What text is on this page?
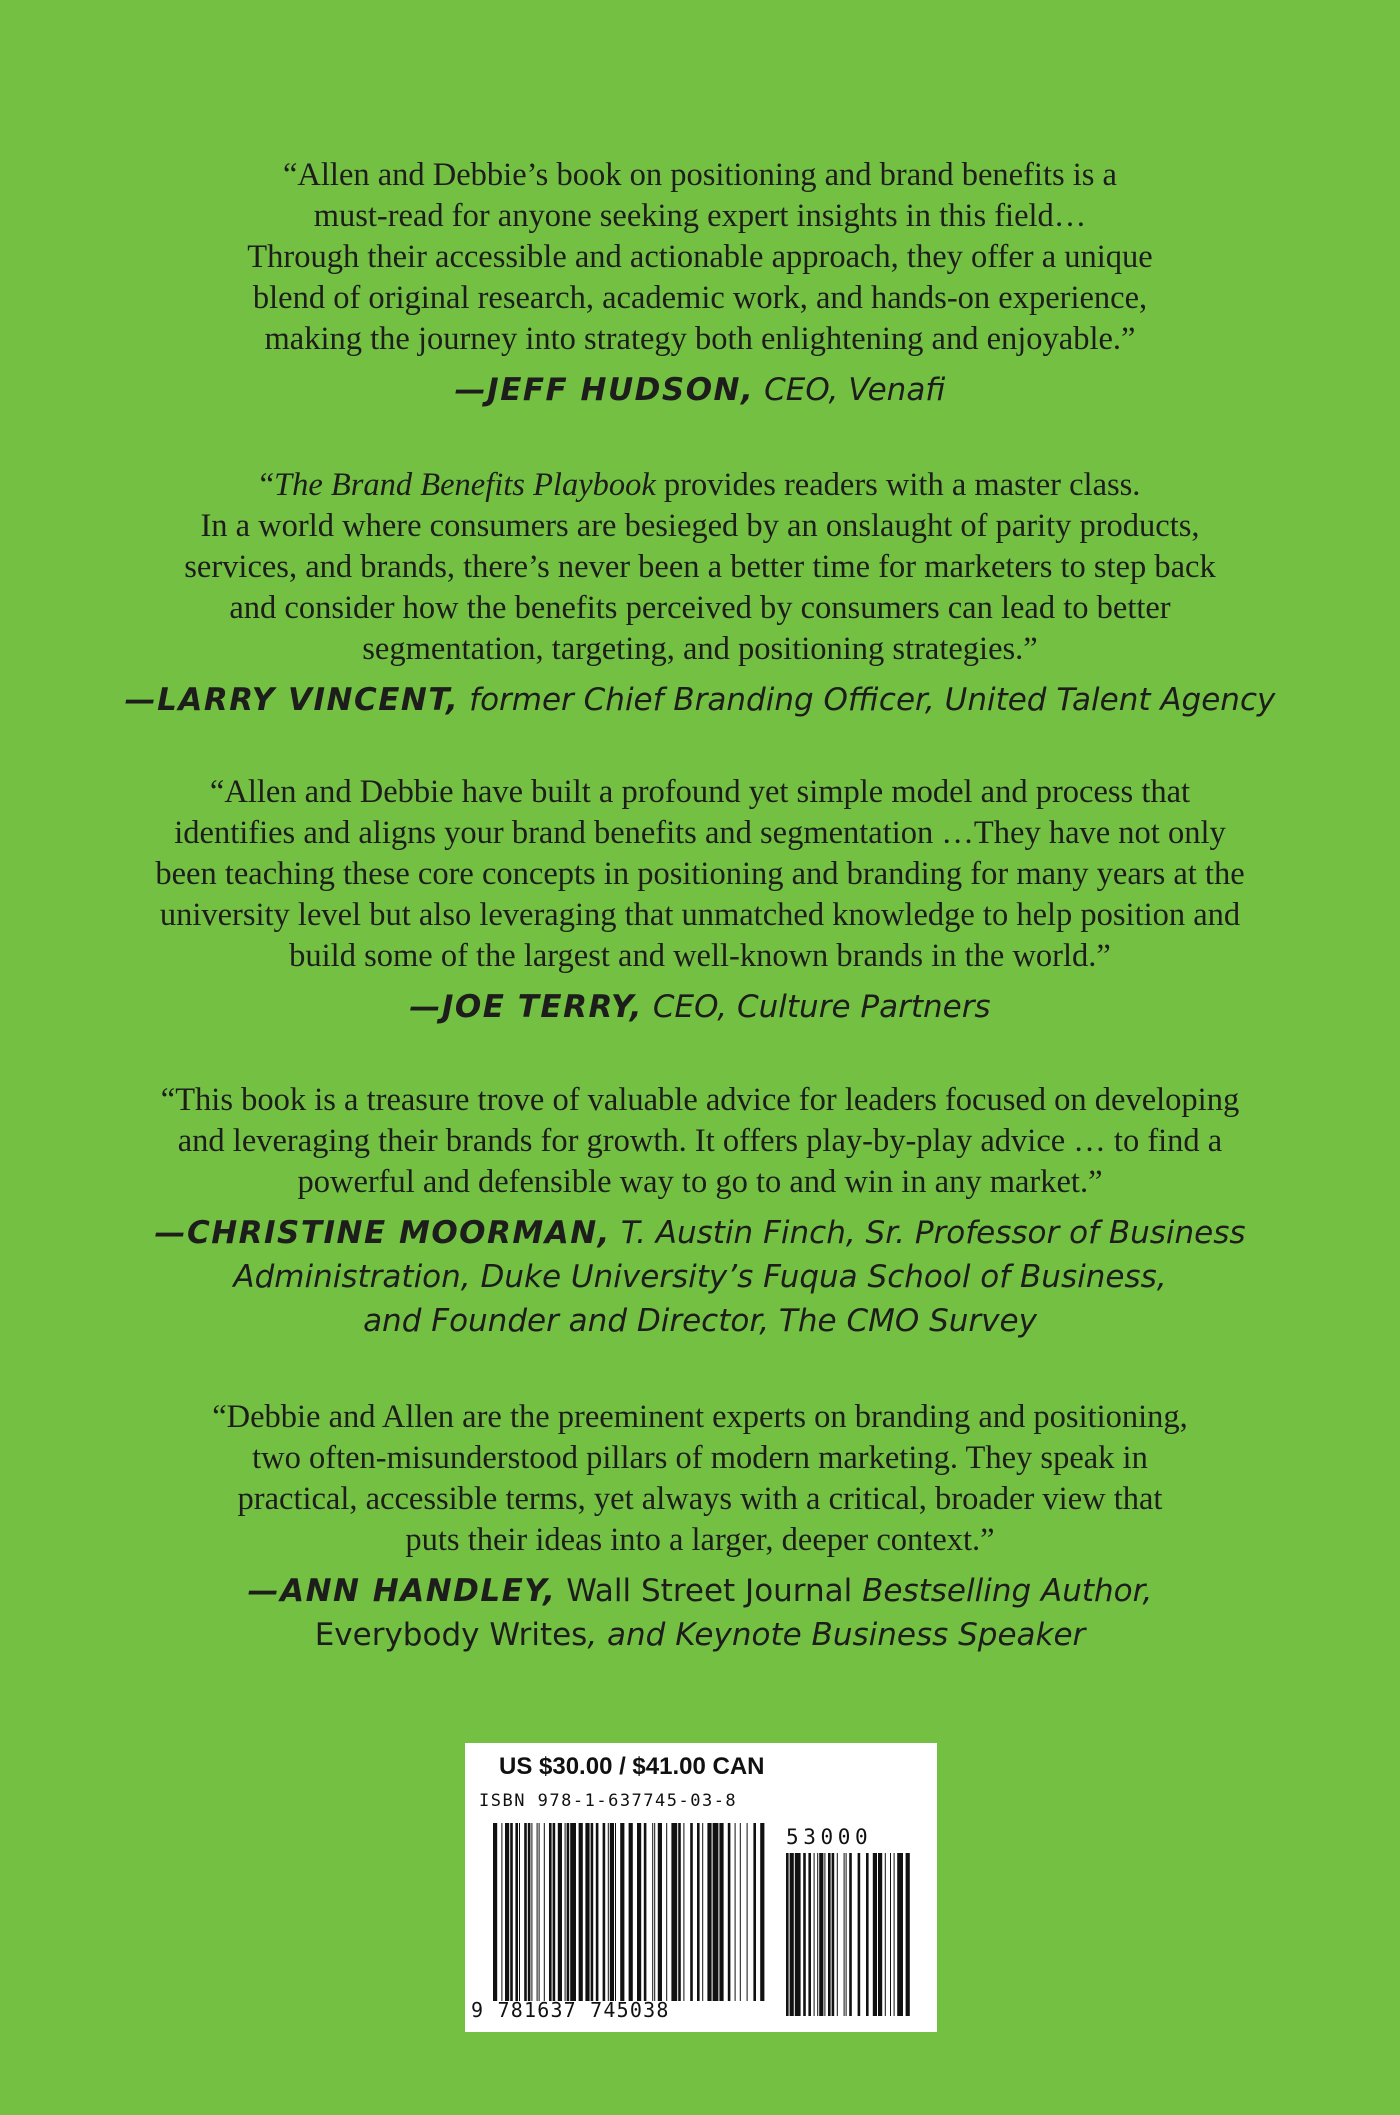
“Allen and Debbie’s book on positioning and brand benefits is a
must-read for anyone seeking expert insights in this field…
Through their accessible and actionable approach, they offer a unique
blend of original research, academic work, and hands-on experience,
making the journey into strategy both enlightening and enjoyable.”

—JEFF HUDSON, CEO, Venafi

“The Brand Benefits Playbook provides readers with a master class.
In a world where consumers are besieged by an onslaught of parity products,
services, and brands, there’s never been a better time for marketers to step back
and consider how the benefits perceived by consumers can lead to better
segmentation, targeting, and positioning strategies.”

—LARRY VINCENT, former Chief Branding Officer, United Talent Agency

“Allen and Debbie have built a profound yet simple model and process that
identifies and aligns your brand benefits and segmentation …They have not only
been teaching these core concepts in positioning and branding for many years at the
university level but also leveraging that unmatched knowledge to help position and
build some of the largest and well-known brands in the world.”

—JOE TERRY, CEO, Culture Partners

“This book is a treasure trove of valuable advice for leaders focused on developing
and leveraging their brands for growth. It offers play-by-play advice … to find a
powerful and defensible way to go to and win in any market.”

—CHRISTINE MOORMAN, T. Austin Finch, Sr. Professor of Business
Administration, Duke University’s Fuqua School of Business,
and Founder and Director, The CMO Survey

“Debbie and Allen are the preeminent experts on branding and positioning,
two often-misunderstood pillars of modern marketing. They speak in
practical, accessible terms, yet always with a critical, broader view that
puts their ideas into a larger, deeper context.”

—ANN HANDLEY, Wall Street Journal Bestselling Author,
Everybody Writes, and Keynote Business Speaker

US $30.00 / $41.00 CAN
ISBN 978-1-637745-03-8
53000
9 781637 745038
